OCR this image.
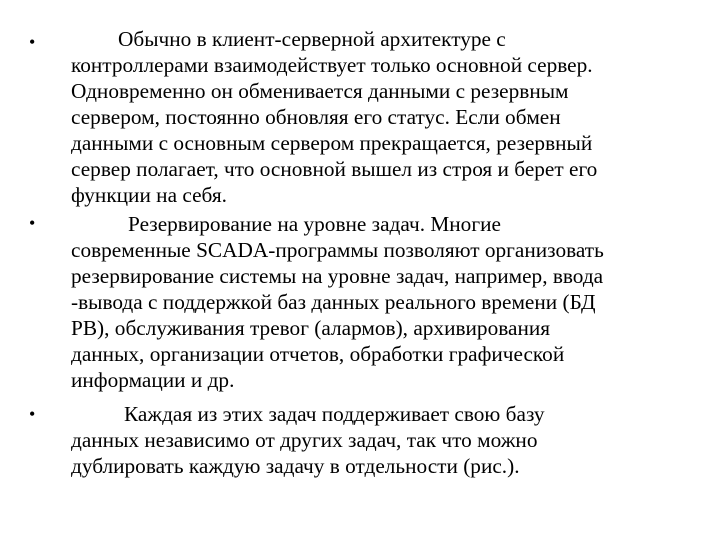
•	Обычно в клиент-серверной архитектуре с
контроллерами взаимодействует только основной сервер.
Одновременно он обменивается данными с резервным
сервером, постоянно обновляя его статус. Если обмен
данными с основным сервером прекращается, резервный
сервер полагает, что основной вышел из строя и берет его
функции на себя.
•	Резервирование на уровне задач. Многие
современные SCADA-программы позволяют организовать
резервирование системы на уровне задач, например, ввода
-вывода с поддержкой баз данных реального времени (БД
РВ), обслуживания тревог (алармов), архивирования
данных, организации отчетов, обработки графической
информации и др.
•	Каждая из этих задач поддерживает свою базу
данных независимо от других задач, так что можно
дублировать каждую задачу в отдельности (рис.).
